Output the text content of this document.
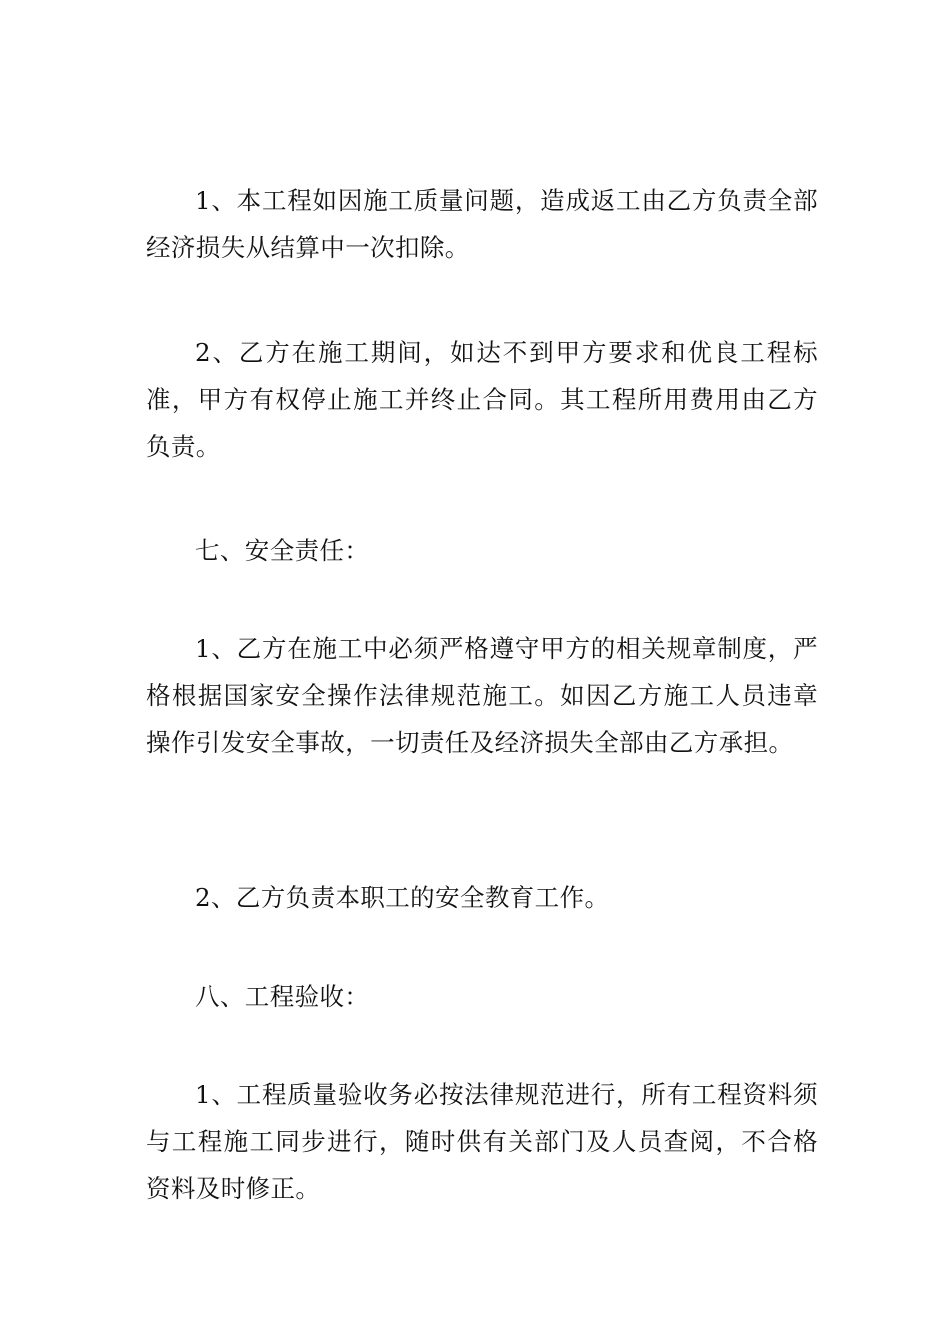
1、本工程如因施工质量问题，造成返工由乙方负责全部经济损失从结算中一次扣除。

2、乙方在施工期间，如达不到甲方要求和优良工程标准，甲方有权停止施工并终止合同。其工程所用费用由乙方负责。

七、安全责任：

1、乙方在施工中必须严格遵守甲方的相关规章制度，严格根据国家安全操作法律规范施工。如因乙方施工人员违章操作引发安全事故，一切责任及经济损失全部由乙方承担。

2、乙方负责本职工的安全教育工作。

八、工程验收：

1、工程质量验收务必按法律规范进行，所有工程资料须与工程施工同步进行，随时供有关部门及人员查阅，不合格资料及时修正。
